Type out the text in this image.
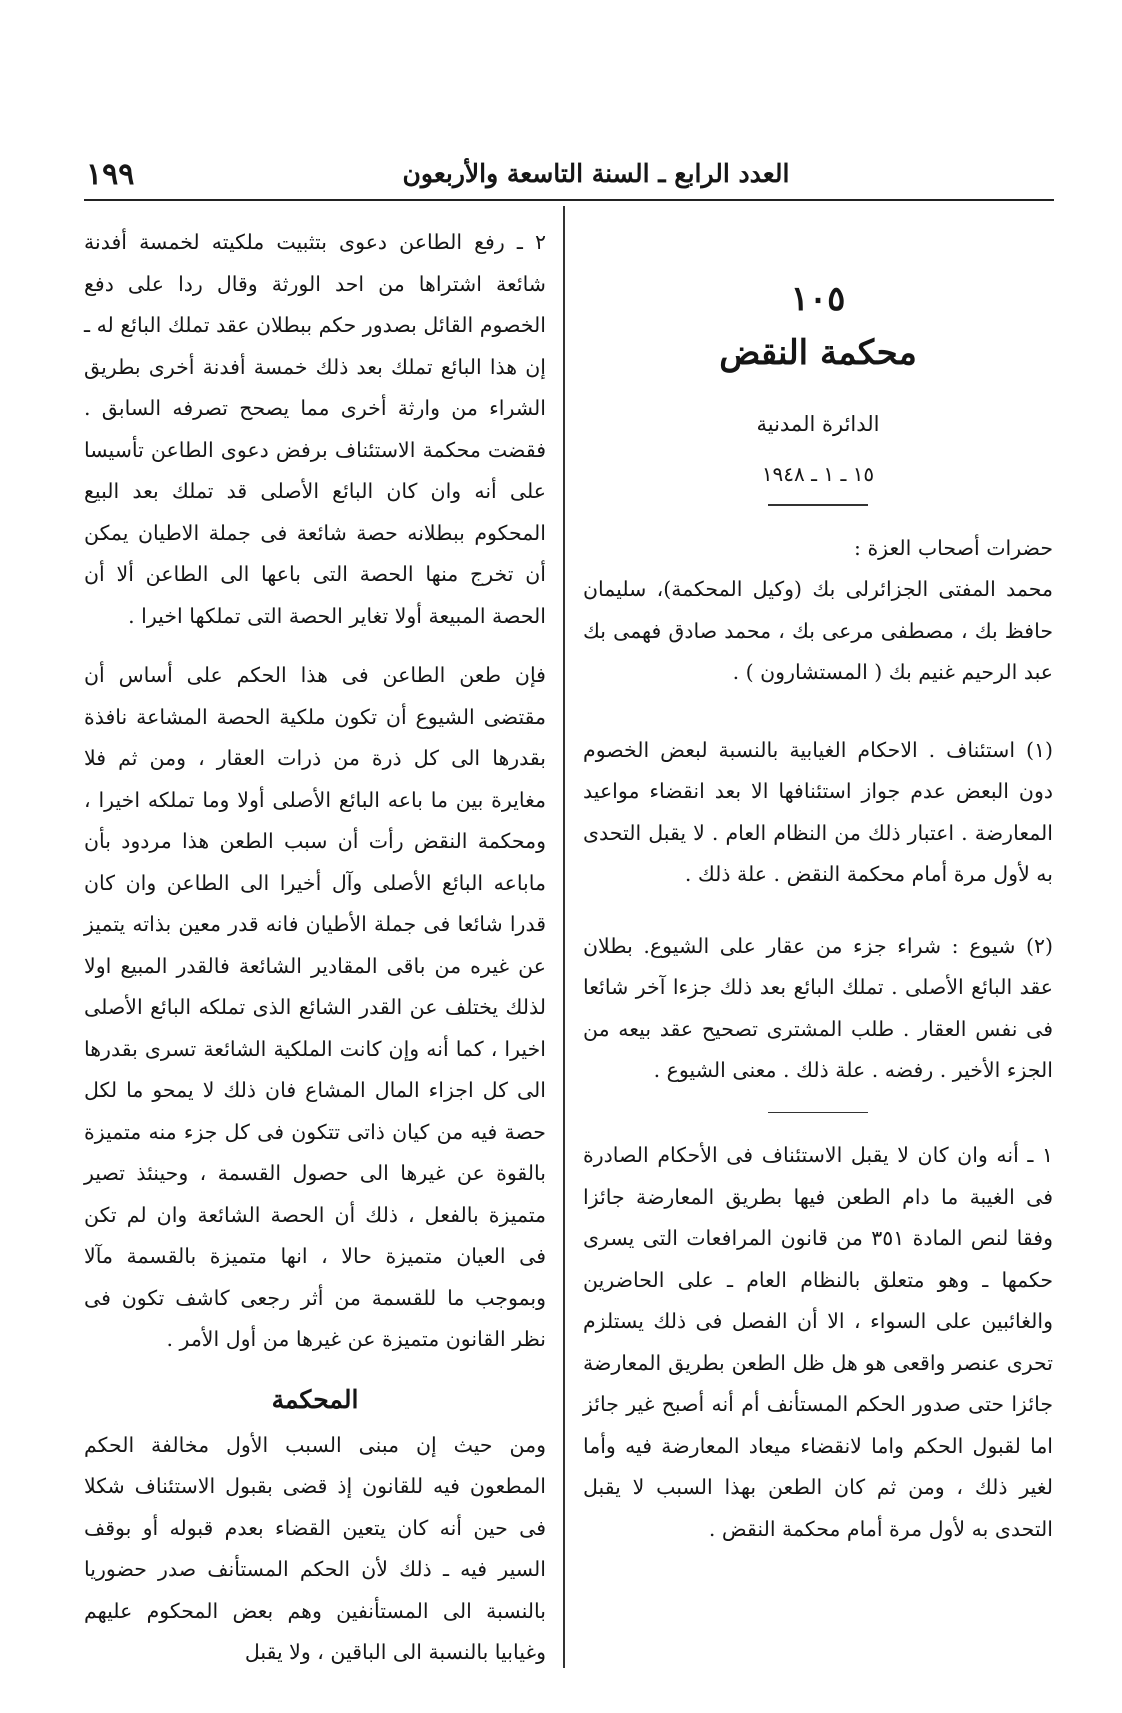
١٩٩	العدد الرابع ـ السنة التاسعة والأربعون
١٠٥
محكمة النقض
الدائرة المدنية
١٥ ـ ١ ـ ١٩٤٨

حضرات أصحاب العزة :

محمد المفتى الجزائرلى بك (وكيل المحكمة)، سليمان حافظ بك ، مصطفى مرعى بك ، محمد صادق فهمى بك عبد الرحيم غنيم بك ( المستشارون ) .

(١) استئناف . الاحكام الغيابية بالنسبة لبعض الخصوم دون البعض عدم جواز استئنافها الا بعد انقضاء مواعيد المعارضة . اعتبار ذلك من النظام العام . لا يقبل التحدى به لأول مرة أمام محكمة النقض . علة ذلك .

(٢) شيوع : شراء جزء من عقار على الشيوع. بطلان عقد البائع الأصلى . تملك البائع بعد ذلك جزءا آخر شائعا فى نفس العقار . طلب المشترى تصحيح عقد بيعه من الجزء الأخير . رفضه . علة ذلك . معنى الشيوع .

١ ـ أنه وان كان لا يقبل الاستئناف فى الأحكام الصادرة فى الغيبة ما دام الطعن فيها بطريق المعارضة جائزا وفقا لنص المادة ٣٥١ من قانون المرافعات التى يسرى حكمها ـ وهو متعلق بالنظام العام ـ على الحاضرين والغائبين على السواء ، الا أن الفصل فى ذلك يستلزم تحرى عنصر واقعى هو هل ظل الطعن بطريق المعارضة جائزا حتى صدور الحكم المستأنف أم أنه أصبح غير جائز اما لقبول الحكم واما لانقضاء ميعاد المعارضة فيه وأما لغير ذلك ، ومن ثم كان الطعن بهذا السبب لا يقبل التحدى به لأول مرة أمام محكمة النقض .

٢ ـ رفع الطاعن دعوى بتثبيت ملكيته لخمسة أفدنة شائعة اشتراها من احد الورثة وقال ردا على دفع الخصوم القائل بصدور حكم ببطلان عقد تملك البائع له ـ إن هذا البائع تملك بعد ذلك خمسة أفدنة أخرى بطريق الشراء من وارثة أخرى مما يصحح تصرفه السابق . فقضت محكمة الاستئناف برفض دعوى الطاعن تأسيسا على أنه وان كان البائع الأصلى قد تملك بعد البيع المحكوم ببطلانه حصة شائعة فى جملة الاطيان يمكن أن تخرج منها الحصة التى باعها الى الطاعن ألا أن الحصة المبيعة أولا تغاير الحصة التى تملكها اخيرا .

فإن طعن الطاعن فى هذا الحكم على أساس أن مقتضى الشيوع أن تكون ملكية الحصة المشاعة نافذة بقدرها الى كل ذرة من ذرات العقار ، ومن ثم فلا مغايرة بين ما باعه البائع الأصلى أولا وما تملكه اخيرا ، ومحكمة النقض رأت أن سبب الطعن هذا مردود بأن ماباعه البائع الأصلى وآل أخيرا الى الطاعن وان كان قدرا شائعا فى جملة الأطيان فانه قدر معين بذاته يتميز عن غيره من باقى المقادير الشائعة فالقدر المبيع اولا لذلك يختلف عن القدر الشائع الذى تملكه البائع الأصلى اخيرا ، كما أنه وإن كانت الملكية الشائعة تسرى بقدرها الى كل اجزاء المال المشاع فان ذلك لا يمحو ما لكل حصة فيه من كيان ذاتى تتكون فى كل جزء منه متميزة بالقوة عن غيرها الى حصول القسمة ، وحينئذ تصير متميزة بالفعل ، ذلك أن الحصة الشائعة وان لم تكن فى العيان متميزة حالا ، انها متميزة بالقسمة مآلا وبموجب ما للقسمة من أثر رجعى كاشف تكون فى نظر القانون متميزة عن غيرها من أول الأمر .

المحكمة

ومن حيث إن مبنى السبب الأول مخالفة الحكم المطعون فيه للقانون إذ قضى بقبول الاستئناف شكلا فى حين أنه كان يتعين القضاء بعدم قبوله أو بوقف السير فيه ـ ذلك لأن الحكم المستأنف صدر حضوريا بالنسبة الى المستأنفين وهم بعض المحكوم عليهم وغيابيا بالنسبة الى الباقين ، ولا يقبل
